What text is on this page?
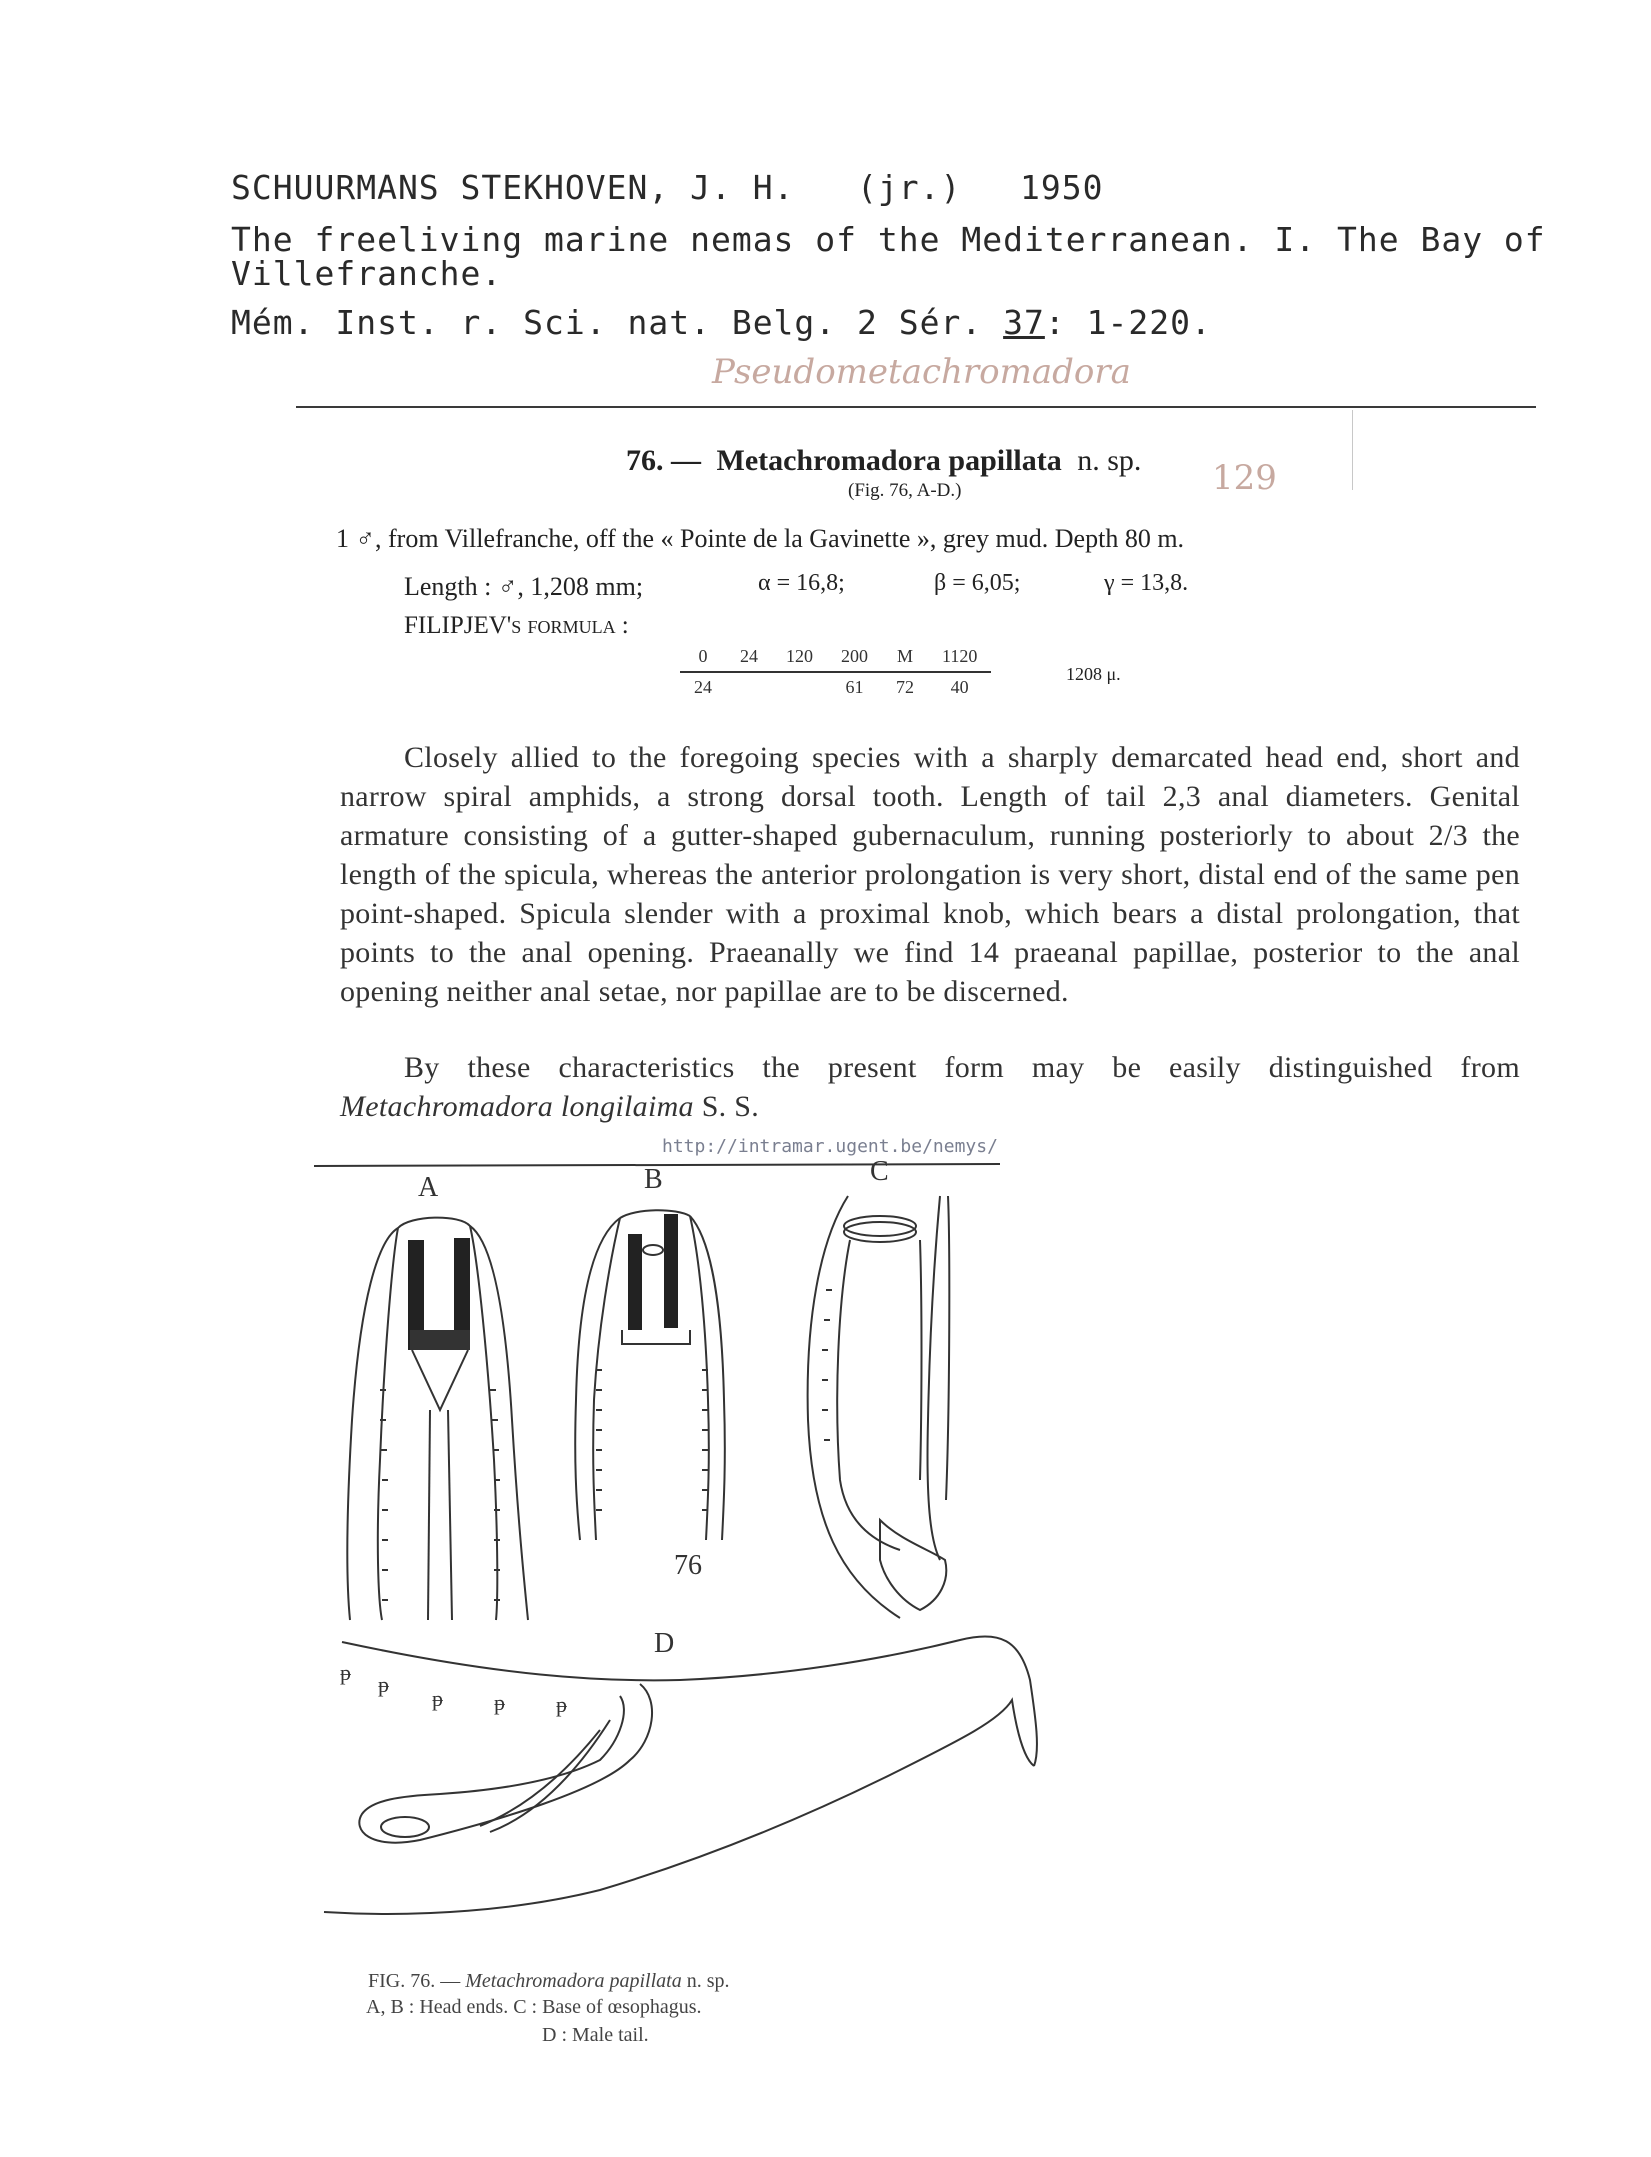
SCHUURMANS STEKHOVEN, J. H. (jr.) 1950
The freeliving marine nemas of the Mediterranean. I. The Bay of
Villefranche.
Mém. Inst. r. Sci. nat. Belg. 2 Sér. 37: 1-220.
Pseudometachromadora
76. — Metachromadora papillata n. sp. 129
(Fig. 76, A-D.)
1 ♂, from Villefranche, off the « Pointe de la Gavinette », grey mud. Depth 80 m.
Length : ♂, 1,208 mm;	α = 16,8;	β = 6,05;	γ = 13,8.
FILIPJEV's formula :
0	24	120	200	M	1120

24			61	72	40
1208 μ.
Closely allied to the foregoing species with a sharply demarcated head end, short and narrow spiral amphids, a strong dorsal tooth. Length of tail 2,3 anal diameters. Genital armature consisting of a gutter-shaped gubernaculum, running posteriorly to about 2/3 the length of the spicula, whereas the anterior prolongation is very short, distal end of the same pen point-shaped. Spicula slender with a proximal knob, which bears a distal prolongation, that points to the anal opening. Praeanally we find 14 praeanal papillae, posterior to the anal opening neither anal setae, nor papillae are to be discerned.
By these characteristics the present form may be easily distinguished from Metachromadora longilaima S. S.
http://intramar.ugent.be/nemys/
ᵽ ᵽ
ᵽ ᵽ ᵽ
A	B	C
D
76
FIG. 76. — Metachromadora papillata n. sp.
A, B : Head ends. C : Base of œsophagus.
D : Male tail.
